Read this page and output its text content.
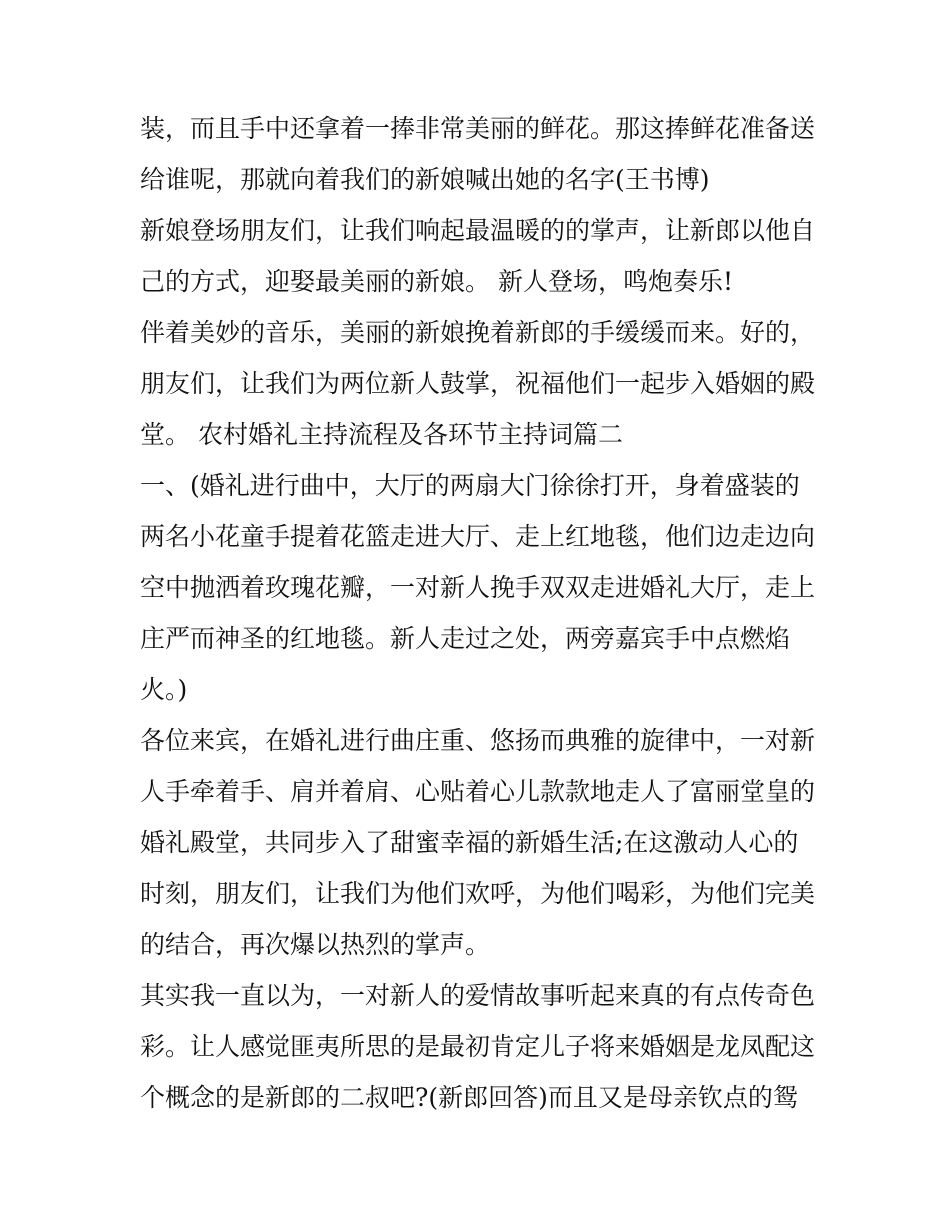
装，而且手中还拿着一捧非常美丽的鲜花。那这捧鲜花准备送
给谁呢，那就向着我们的新娘喊出她的名字(王书博)
新娘登场朋友们，让我们响起最温暖的的掌声，让新郎以他自
己的方式，迎娶最美丽的新娘。 新人登场，鸣炮奏乐!
伴着美妙的音乐，美丽的新娘挽着新郎的手缓缓而来。好的，
朋友们，让我们为两位新人鼓掌，祝福他们一起步入婚姻的殿
堂。 农村婚礼主持流程及各环节主持词篇二
一、(婚礼进行曲中，大厅的两扇大门徐徐打开，身着盛装的
两名小花童手提着花篮走进大厅、走上红地毯，他们边走边向
空中抛洒着玫瑰花瓣，一对新人挽手双双走进婚礼大厅，走上
庄严而神圣的红地毯。新人走过之处，两旁嘉宾手中点燃焰
火。)
各位来宾，在婚礼进行曲庄重、悠扬而典雅的旋律中，一对新
人手牵着手、肩并着肩、心贴着心儿款款地走人了富丽堂皇的
婚礼殿堂，共同步入了甜蜜幸福的新婚生活;在这激动人心的
时刻，朋友们，让我们为他们欢呼，为他们喝彩，为他们完美
的结合，再次爆以热烈的掌声。
其实我一直以为，一对新人的爱情故事听起来真的有点传奇色
彩。让人感觉匪夷所思的是最初肯定儿子将来婚姻是龙凤配这
个概念的是新郎的二叔吧?(新郎回答)而且又是母亲钦点的鸳
